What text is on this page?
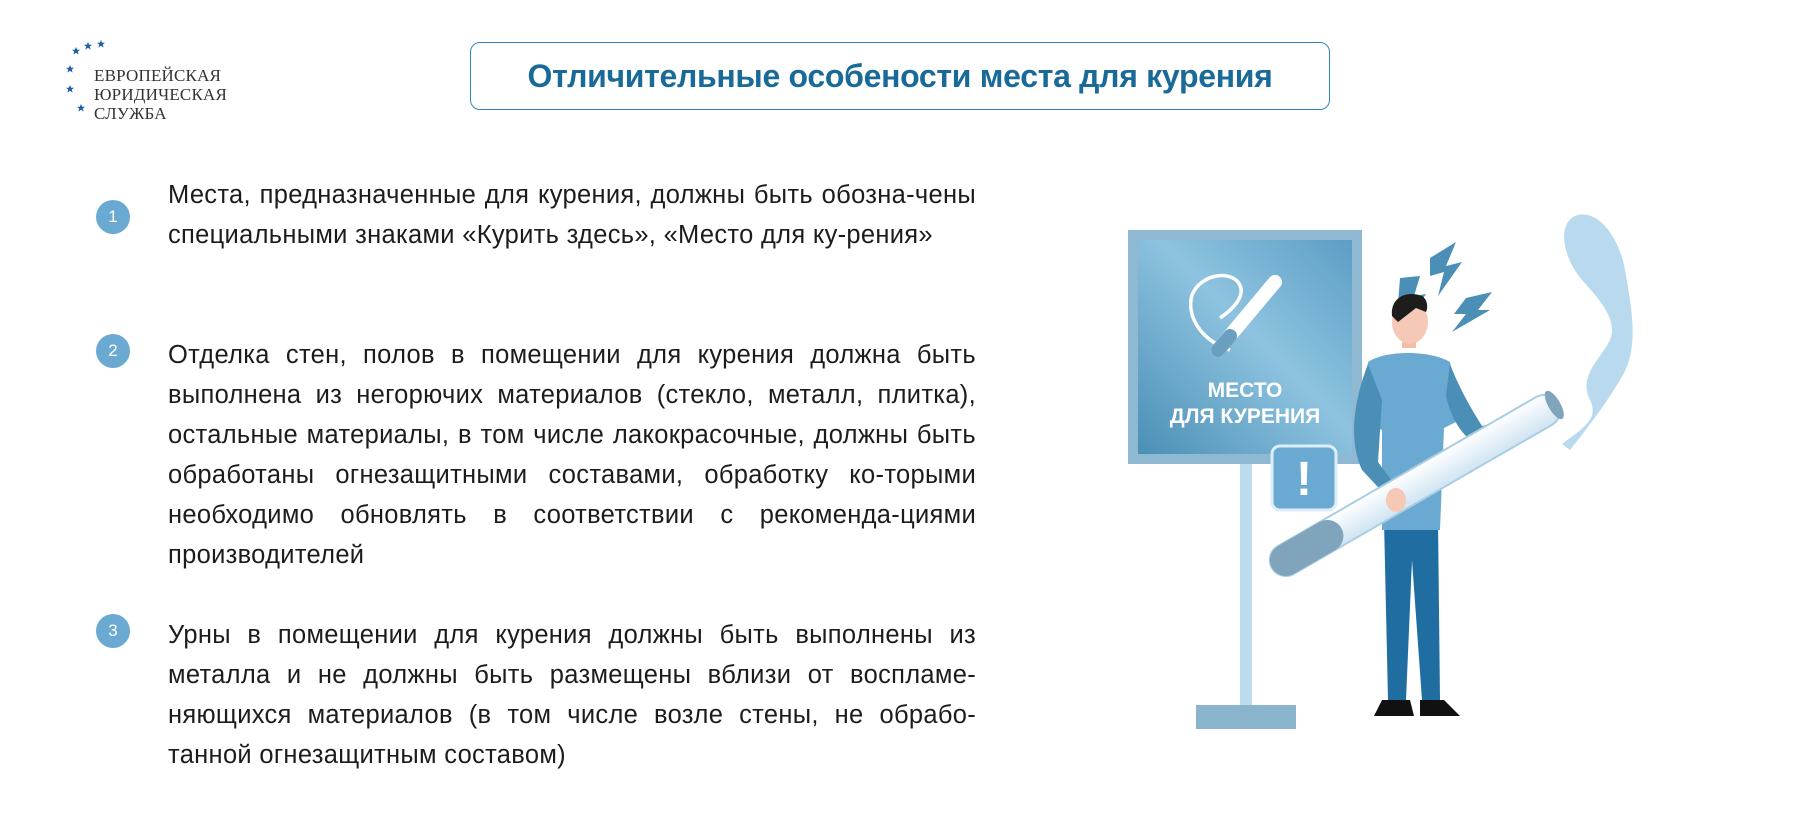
ЕВРОПЕЙСКАЯ
ЮРИДИЧЕСКАЯ
СЛУЖБА
Отличительные особености места для курения
1
Места, предназначенные для курения, должны быть обозна-чены специальными знаками «Курить здесь», «Место для ку-рения»
2	Отделка стен, полов в помещении для курения должна быть выполнена из негорючих материалов (стекло, металл, плитка), остальные материалы, в том числе лакокрасочные, должны быть обработаны огнезащитными составами, обработку ко-торыми необходимо обновлять в соответствии с рекоменда-циями производителей
3	Урны в помещении для курения должны быть выполнены из металла и не должны быть размещены вблизи от воспламе-няющихся материалов (в том числе возле стены, не обрабо-танной огнезащитным составом)
МЕСТО
ДЛЯ КУРЕНИЯ
!
